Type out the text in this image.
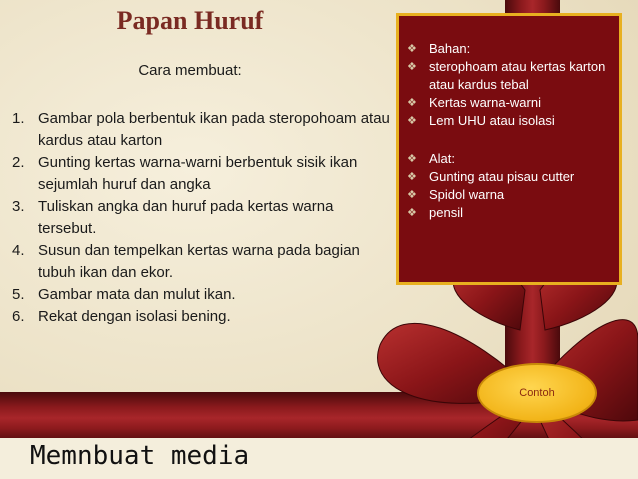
Papan Huruf
Cara membuat:
1. Gambar pola berbentuk ikan pada steropohoam atau kardus atau karton
2. Gunting kertas warna-warni berbentuk sisik ikan sejumlah huruf dan angka
3. Tuliskan angka dan huruf pada kertas warna tersebut.
4. Susun dan tempelkan kertas warna pada bagian tubuh ikan dan ekor.
5. Gambar mata dan mulut ikan.
6. Rekat dengan isolasi bening.
❖ Bahan:
❖ sterophoam atau kertas karton atau kardus tebal
❖ Kertas warna-warni
❖ Lem UHU atau isolasi
❖ Alat:
❖ Gunting atau pisau cutter
❖ Spidol warna
❖ pensil
Contoh
Memnbuat media
